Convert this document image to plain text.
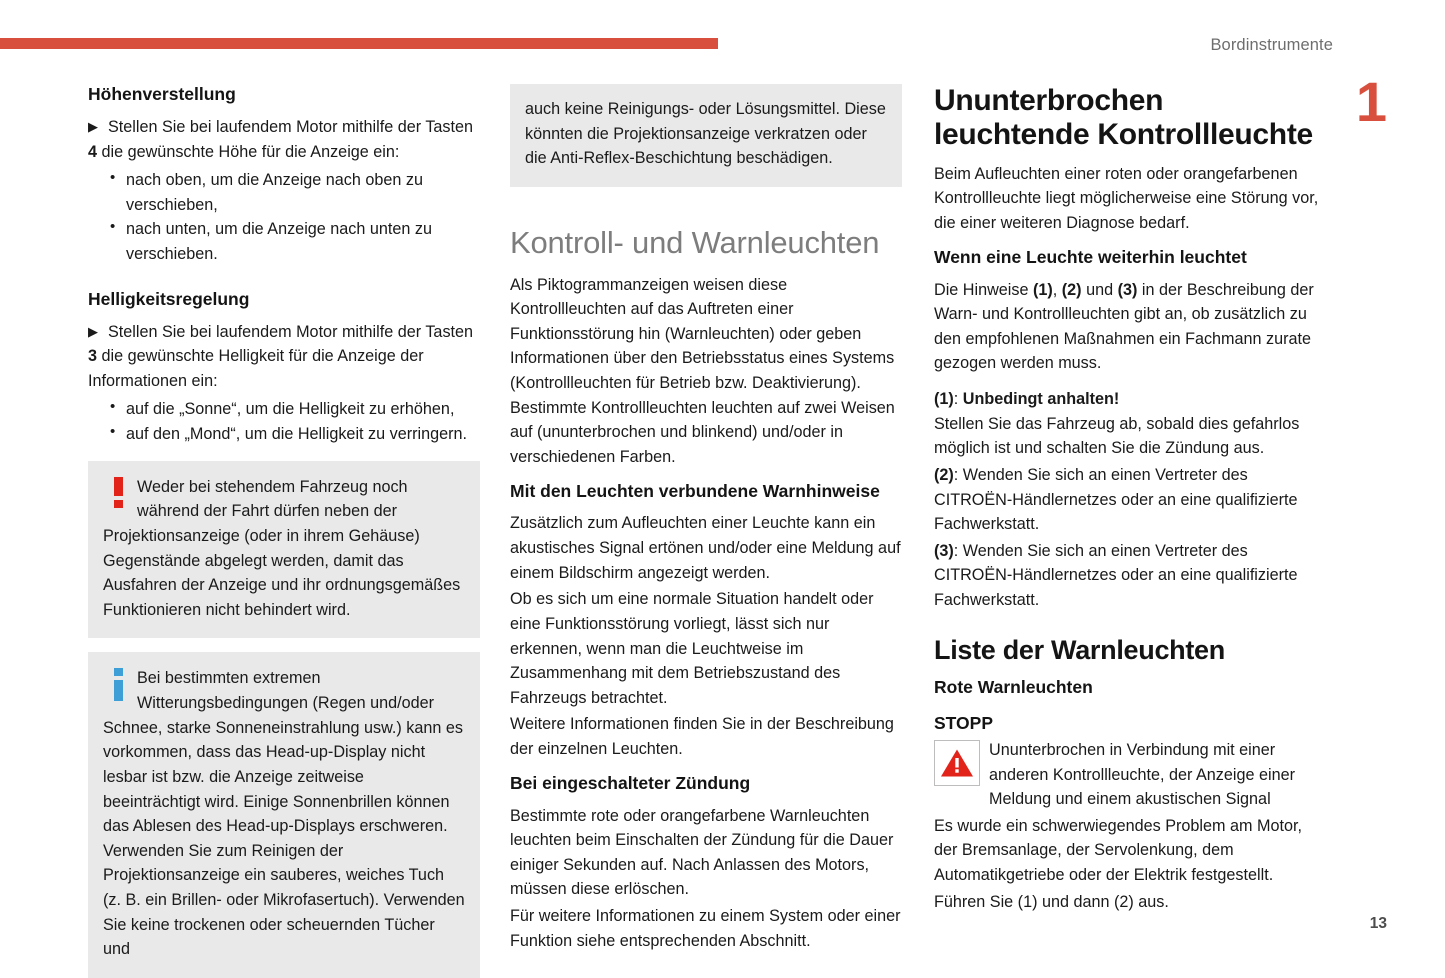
Bordinstrumente
1
13
Höhenverstellung
▶ Stellen Sie bei laufendem Motor mithilfe der Tasten 4 die gewünschte Höhe für die Anzeige ein:
• nach oben, um die Anzeige nach oben zu verschieben,
• nach unten, um die Anzeige nach unten zu verschieben.
Helligkeitsregelung
▶ Stellen Sie bei laufendem Motor mithilfe der Tasten 3 die gewünschte Helligkeit für die Anzeige der Informationen ein:
• auf die „Sonne“, um die Helligkeit zu erhöhen,
• auf den „Mond“, um die Helligkeit zu verringern.

Weder bei stehendem Fahrzeug noch während der Fahrt dürfen neben der Projektionsanzeige (oder in ihrem Gehäuse) Gegenstände abgelegt werden, damit das Ausfahren der Anzeige und ihr ordnungsgemäßes Funktionieren nicht behindert wird.

Bei bestimmten extremen Witterungsbedingungen (Regen und/oder Schnee, starke Sonneneinstrahlung usw.) kann es vorkommen, dass das Head-up-Display nicht lesbar ist bzw. die Anzeige zeitweise beeinträchtigt wird. Einige Sonnenbrillen können das Ablesen des Head-up-Displays erschweren. Verwenden Sie zum Reinigen der Projektionsanzeige ein sauberes, weiches Tuch (z. B. ein Brillen- oder Mikrofasertuch). Verwenden Sie keine trockenen oder scheuernden Tücher und

auch keine Reinigungs- oder Lösungsmittel. Diese könnten die Projektionsanzeige verkratzen oder die Anti-Reflex-Beschichtung beschädigen.

Kontroll- und Warnleuchten

Als Piktogrammanzeigen weisen diese Kontrollleuchten auf das Auftreten einer Funktionsstörung hin (Warnleuchten) oder geben Informationen über den Betriebsstatus eines Systems (Kontrollleuchten für Betrieb bzw. Deaktivierung). Bestimmte Kontrollleuchten leuchten auf zwei Weisen auf (ununterbrochen und blinkend) und/oder in verschiedenen Farben.

Mit den Leuchten verbundene Warnhinweise

Zusätzlich zum Aufleuchten einer Leuchte kann ein akustisches Signal ertönen und/oder eine Meldung auf einem Bildschirm angezeigt werden.

Ob es sich um eine normale Situation handelt oder eine Funktionsstörung vorliegt, lässt sich nur erkennen, wenn man die Leuchtweise im Zusammenhang mit dem Betriebszustand des Fahrzeugs betrachtet.

Weitere Informationen finden Sie in der Beschreibung der einzelnen Leuchten.

Bei eingeschalteter Zündung

Bestimmte rote oder orangefarbene Warnleuchten leuchten beim Einschalten der Zündung für die Dauer einiger Sekunden auf. Nach Anlassen des Motors, müssen diese erlöschen.

Für weitere Informationen zu einem System oder einer Funktion siehe entsprechenden Abschnitt.

Ununterbrochen leuchtende Kontrollleuchte

Beim Aufleuchten einer roten oder orangefarbenen Kontrollleuchte liegt möglicherweise eine Störung vor, die einer weiteren Diagnose bedarf.

Wenn eine Leuchte weiterhin leuchtet

Die Hinweise (1), (2) und (3) in der Beschreibung der Warn- und Kontrollleuchten gibt an, ob zusätzlich zu den empfohlenen Maßnahmen ein Fachmann zurate gezogen werden muss.

(1): Unbedingt anhalten!
Stellen Sie das Fahrzeug ab, sobald dies gefahrlos möglich ist und schalten Sie die Zündung aus.

(2): Wenden Sie sich an einen Vertreter des CITROËN-Händlernetzes oder an eine qualifizierte Fachwerkstatt.

(3): Wenden Sie sich an einen Vertreter des CITROËN-Händlernetzes oder an eine qualifizierte Fachwerkstatt.

Liste der Warnleuchten
Rote Warnleuchten
STOPP

Ununterbrochen in Verbindung mit einer anderen Kontrollleuchte, der Anzeige einer Meldung und einem akustischen Signal

Es wurde ein schwerwiegendes Problem am Motor, der Bremsanlage, der Servolenkung, dem Automatikgetriebe oder der Elektrik festgestellt.

Führen Sie (1) und dann (2) aus.
